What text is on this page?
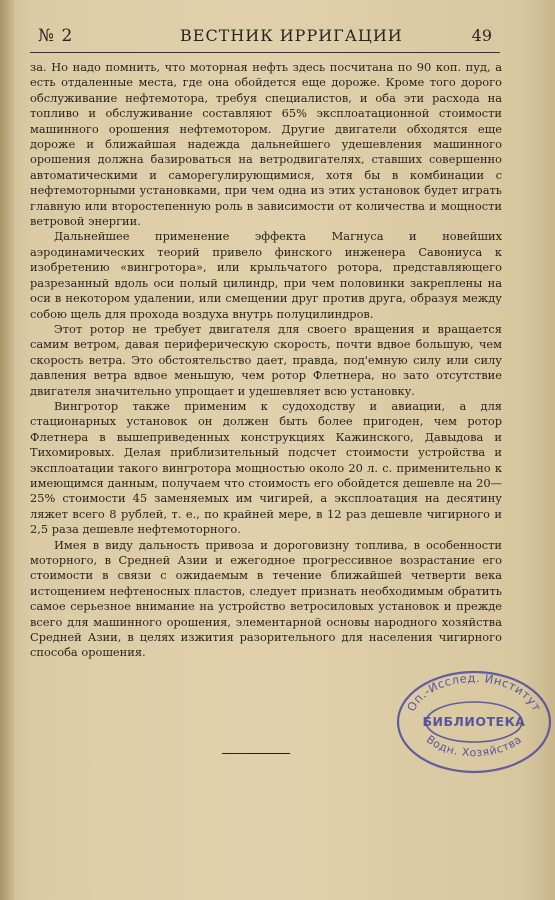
№ 2	ВЕСТНИК ИРРИГАЦИИ	49

за. Но надо помнить, что моторная нефть здесь посчитана по 90 коп. пуд, а есть отдаленные места, где она обойдется еще дороже. Кроме того дорого обслуживание нефтемотора, требуя специалистов, и оба эти расхода на топливо и обслуживание составляют 65% эксплоатационной стоимости машинного орошения нефтемотором. Другие двигатели обходятся еще дороже и ближайшая надежда дальнейшего удешевления машинного орошения должна базироваться на ветродвигателях, ставших совершенно автоматическими и саморегулирующимися, хотя бы в комбинации с нефтемоторными установками, при чем одна из этих установок будет играть главную или второстепенную роль в зависимости от количества и мощности ветровой энергии.

Дальнейшее применение эффекта Магнуса и новейших аэродинамических теорий привело финского инженера Савониуса к изобретению «вингротора», или крыльчатого ротора, представляющего разрезанный вдоль оси полый цилиндр, при чем половинки закреплены на оси в некотором удалении, или смещении друг против друга, образуя между собою щель для прохода воздуха внутрь полуцилиндров.

Этот ротор не требует двигателя для своего вращения и вращается самим ветром, давая периферическую скорость, почти вдвое большую, чем скорость ветра. Это обстоятельство дает, правда, под'емную силу или силу давления ветра вдвое меньшую, чем ротор Флетнера, но зато отсутствие двигателя значительно упрощает и удешевляет всю установку.

Вингротор также применим к судоходству и авиации, а для стационарных установок он должен быть более пригоден, чем ротор Флетнера в вышеприведенных конструкциях Кажинского, Давыдова и Тихомировых. Делая приблизительный подсчет стоимости устройства и эксплоатации такого вингротора мощностью около 20 л. с. применительно к имеющимся данным, получаем что стоимость его обойдется дешевле на 20—25% стоимости 45 заменяемых им чигирей, а эксплоатация на десятину ляжет всего 8 рублей, т. е., по крайней мере, в 12 раз дешевле чигирного и 2,5 раза дешевле нефтемоторного.

Имея в виду дальность привоза и дороговизну топлива, в особенности моторного, в Средней Азии и ежегодное прогрессивное возрастание его стоимости в связи с ожидаемым в течение ближайшей четверти века истощением нефтеносных пластов, следует признать необходимым обратить самое серьезное внимание на устройство ветросиловых установок и прежде всего для машинного орошения, элементарной основы народного хозяйства Средней Азии, в целях изжития разорительного для населения чигирного способа орошения.

Оп.-Исслед. Институт
БИБЛИОТЕКА
Водн. Хозяйства
